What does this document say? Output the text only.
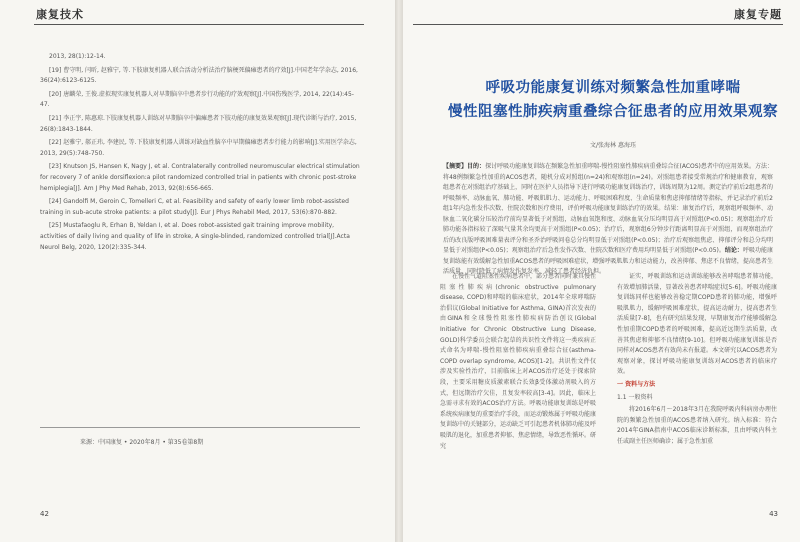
康复技术

2013, 28(1):12-14.

[19] 曹守明, 闫昕, 赵雅宁, 等.下肢康复机器人联合活动分析法治疗脑梗死偏瘫患者的疗效[J].中国老年学杂志, 2016, 36(24):6123-6125.

[20] 唐麟荣, 王俊.虚拟现实康复机器人对早期脑卒中患者步行功能的疗效观察[J].中国伤残医学, 2014, 22(14):45-47.

[21] 李正宇, 陈惠琼.下肢康复机器人训练对早期脑卒中偏瘫患者下肢功能的康复效果观察[J].现代诊断与治疗, 2015, 26(8):1843-1844.

[22] 赵雅宁, 郝正玮, 李建民, 等.下肢康复机器人训练对缺血性脑卒中早期偏瘫患者步行能力的影响[J].实用医学杂志, 2013, 29(5):748-750.

[23] Knutson JS, Hansen K, Nagy J, et al. Contralaterally controlled neuromuscular electrical stimulation for recovery 7 of ankle dorsiflexion:a pilot randomized controlled trial in patients with chronic post-stroke hemiplegia[J]. Am J Phy Med Rehab, 2013, 92(8):656-665.

[24] Gandolfi M, Geroin C, Tomelleri C, et al. Feasibility and safety of early lower limb robot-assisted training in sub-acute stroke patients: a pilot study[J]. Eur J Phys Rehabil Med, 2017, 53(6):870-882.

[25] Mustafaoglu R, Erhan B, Yeldan I, et al. Does robot-assisted gait training improve mobility, activities of daily living and quality of life in stroke, A single-blinded, randomized controlled trial[J].Acta Neurol Belg, 2020, 120(2):335-344.

来源：中国康复 • 2020年8月 • 第35卷第8期
42
康复专题
呼吸功能康复训练对频繁急性加重哮喘
慢性阻塞性肺疾病重叠综合征患者的应用效果观察
文/张海林 惠海珏
【摘要】目的：探讨呼吸功能康复训练在频繁急性加重哮喘-慢性阻塞性肺疾病重叠综合征(ACOS)患者中的应用效果。方法：将48例频繁急性加重的ACOS患者，随机分成对照组(n=24)和观察组(n=24)。对照组患者接受常规治疗和健康教育，观察组患者在对照组治疗基础上，同时在医护人员指导下进行呼吸功能康复训练治疗，训练周期为12周。测定治疗前后2组患者的呼吸频率、动脉血氧、肺功能、呼吸肌肌力、运动能力、呼吸困难程度、生命质量和焦虑抑郁情绪等指标，并记录治疗前后2组1年内急性发作次数、住院次数和医疗费用，评价呼吸功能康复训练治疗的效果。结果：康复治疗后，观察组呼吸频率、动脉血二氧化碳分压较治疗前均显著低于对照组，动脉血氧饱和度、动脉血氧分压均明显高于对照组(P<0.05)；观察组治疗后肺功能各指标较了深吸气量其余均更高于对照组(P<0.05)；治疗后，观察组6分钟步行距离明显高于对照组，而观察组治疗后的改良版呼吸困难量表评分和圣乔治呼吸问卷总分均明显低于对照组(P<0.05)；治疗后观察组焦虑、抑郁评分和总分均明显低于对照组(P<0.05)；观察组治疗后急性发作次数、住院次数和医疗费用均明显低于对照组(P<0.05)。结论：呼吸功能康复训练能有效缓解急性加重ACOS患者的呼吸困难症状，增强呼吸肌肌力和运动能力，改善抑郁、焦虑不良情绪，提高患者生活质量，同时降低了病情发作复发率，减轻了患者经济负担。

在慢性气道阻塞性疾病患者中，部分患者同时兼具慢性阻塞性肺疾病(chronic obstructive pulmonary disease, COPD)和哮喘的临床症状，2014年全球哮喘防治倡议(Global Initiative for Asthma, GINA)首次发表的由GINA和全球慢性阻塞性肺疾病防治创议(Global Initiative for Chronic Obstructive Lung Disease, GOLD)科学委员会联合起草的共识性文件将这一类疾病正式命名为哮喘-慢性阻塞性肺疾病重叠综合征(asthma-COPD overlap syndrome, ACOS)[1-2]。共识性文件仅涉及实验性治疗，目前临床上对ACOS治疗还处于探索阶段，主要采用糖皮质激素联合长效β受体激动剂吸入的方式，但远期治疗欠佳，且复发率较高[3-4]。因此，临床上急需寻求有效的ACOS治疗方法。呼吸功能康复训练是呼吸系统疾病康复的重要治疗手段，而运动锻炼属于呼吸功能康复训练中的关键部分，运动缺乏可引起患者机体肺功能及呼吸肌的退化，加重患者抑郁、焦虑情绪，导致恶性循环。研究

证实，呼吸训练和运动训练能够改善哮喘患者肺功能，有效增加肺活量，显著改善患者哮喘症状[5-6]。呼吸功能康复训练同样也能够改善稳定期COPD患者的肺功能，增强呼吸肌肌力，缓解呼吸困难症状，提高运动耐力，提高患者生活质量[7-8]，也有研究结果发现，早期康复治疗能够缓解急性加重期COPD患者的呼吸困难，提高近远期生活质量，改善其焦虑和抑郁不良情绪[9-10]。但呼吸功能康复训练是否同样对ACOS患者有效尚未有报道。本文研究以ACOS患者为观察对象，探讨呼吸功能康复训练对ACOS患者的临床疗效。

一 资料与方法

1.1 一般资料

将2016年6月～2018年3月在我院呼吸内科病房办理住院的频繁急性加重的ACOS患者纳入研究。纳入标准：符合2014年GINA指南中ACOS临床诊断标准，且由呼吸内科主任或副主任医师确诊；属于急性加重

43
